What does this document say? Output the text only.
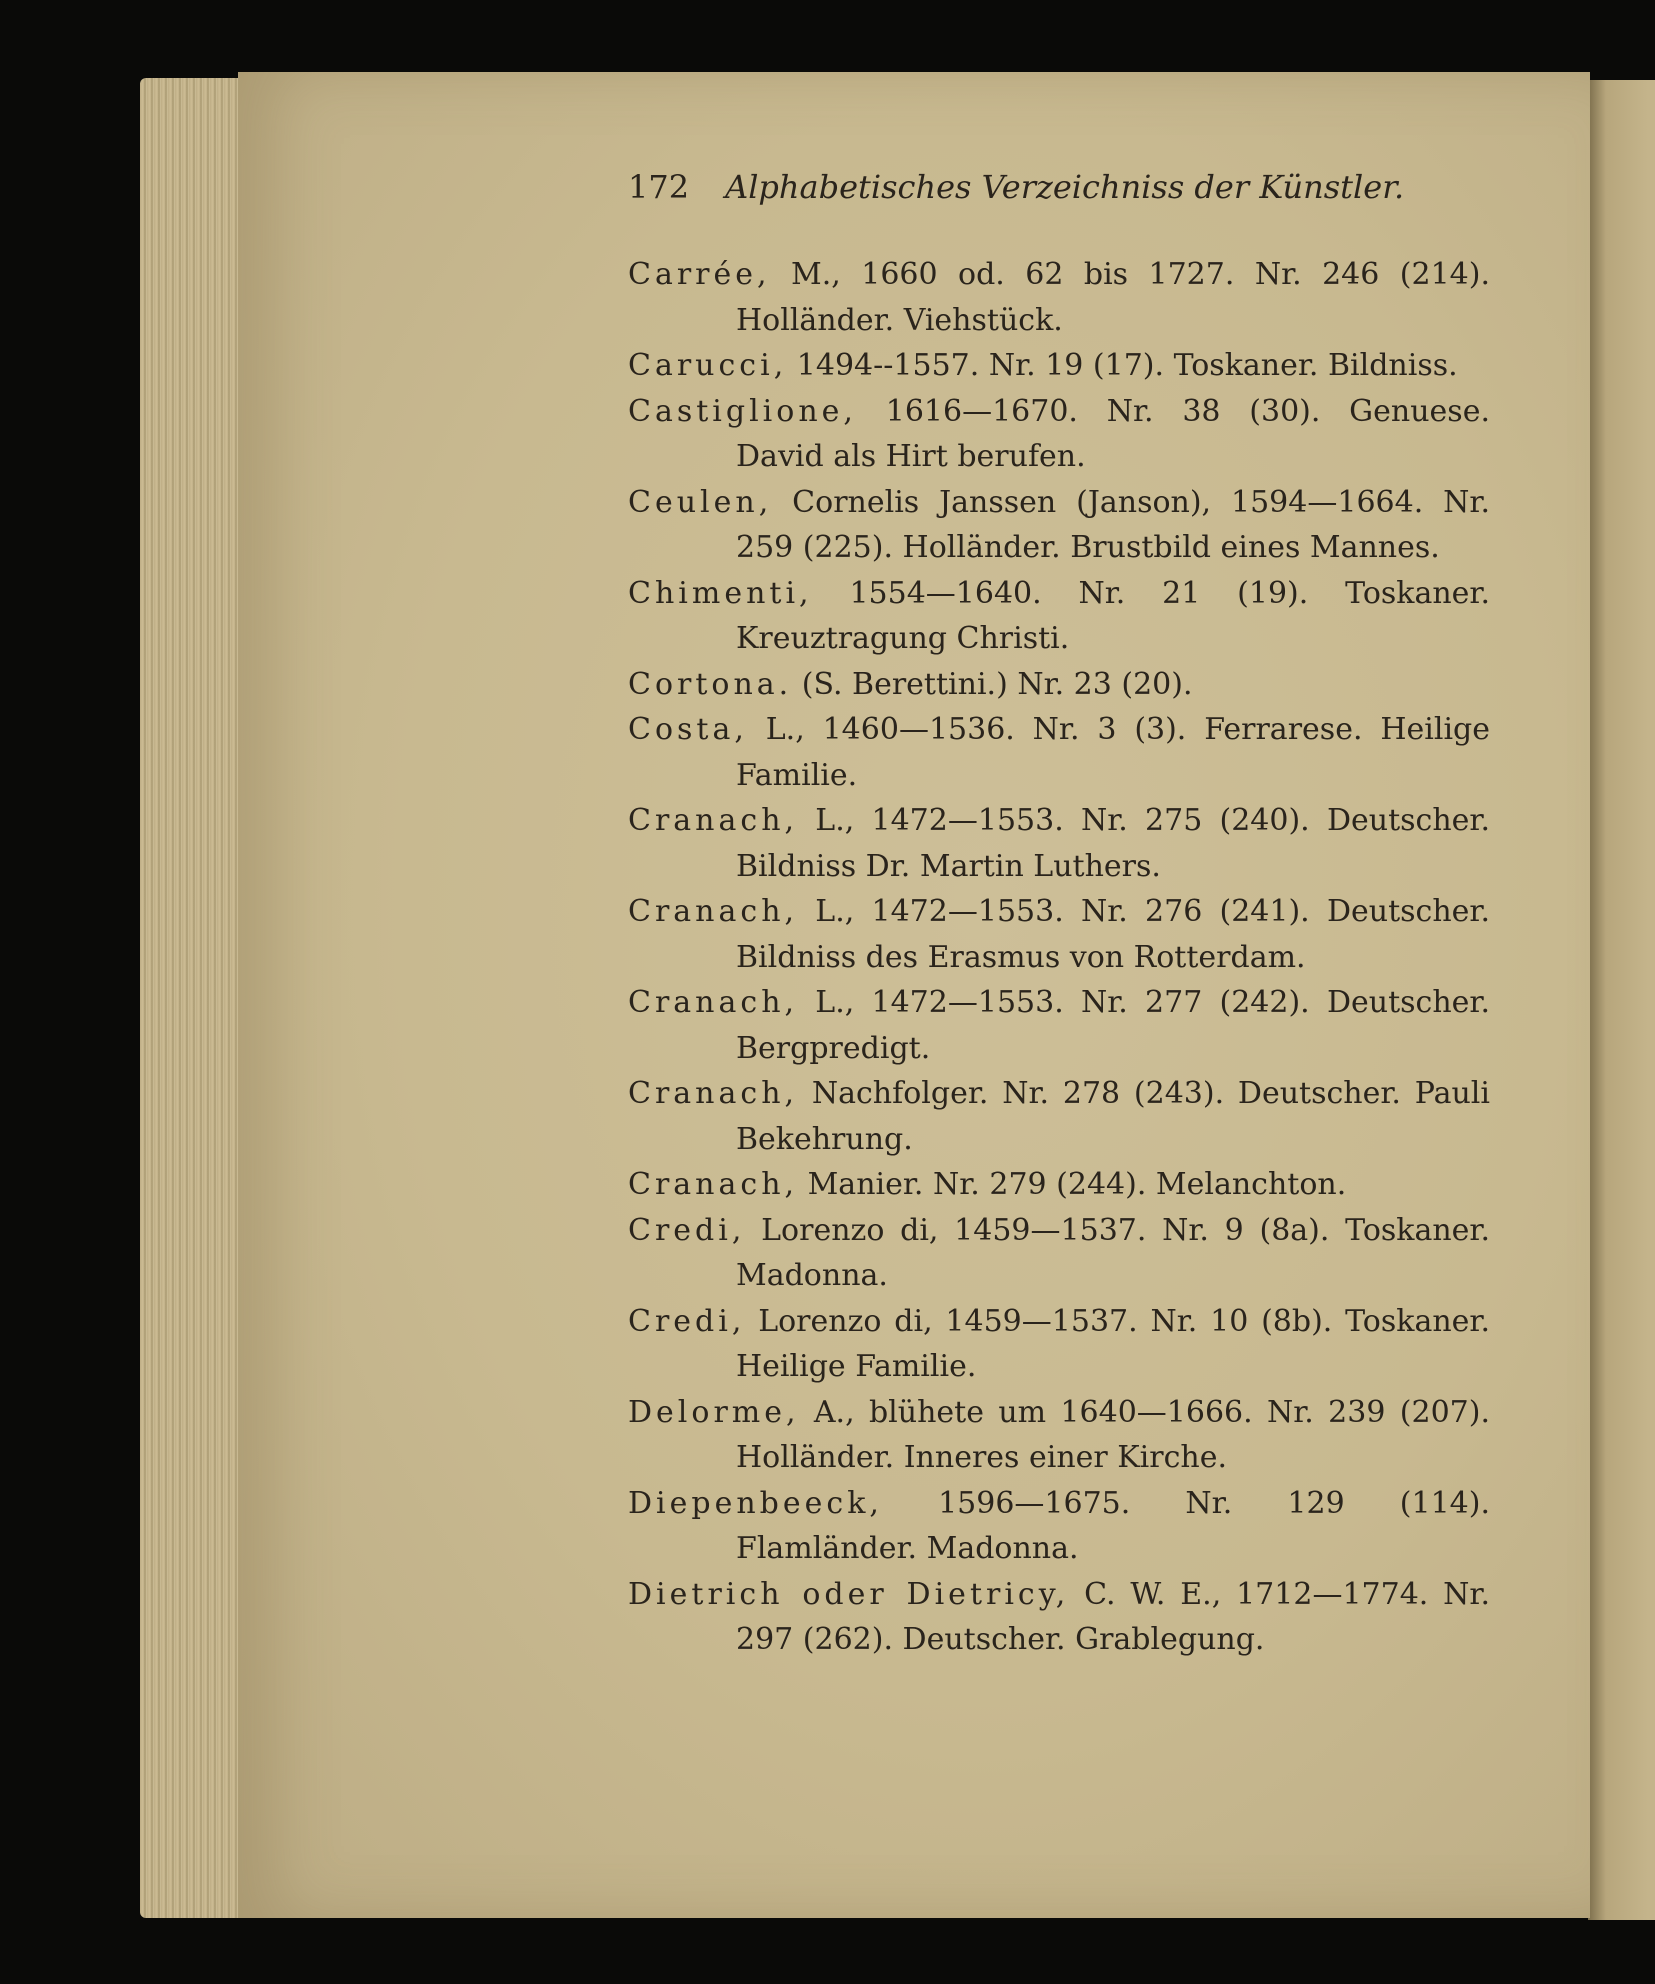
172 Alphabetisches Verzeichniss der Künstler.
Carrée, M., 1660 od. 62 bis 1727. Nr. 246 (214). Holländer. Viehstück.
Carucci, 1494--1557. Nr. 19 (17). Toskaner. Bildniss.
Castiglione, 1616—1670. Nr. 38 (30). Genuese. David als Hirt berufen.
Ceulen, Cornelis Janssen (Janson), 1594—1664. Nr. 259 (225). Holländer. Brustbild eines Mannes.
Chimenti, 1554—1640. Nr. 21 (19). Toskaner. Kreuztragung Christi.
Cortona. (S. Berettini.) Nr. 23 (20).
Costa, L., 1460—1536. Nr. 3 (3). Ferrarese. Heilige Familie.
Cranach, L., 1472—1553. Nr. 275 (240). Deutscher. Bildniss Dr. Martin Luthers.
Cranach, L., 1472—1553. Nr. 276 (241). Deutscher. Bildniss des Erasmus von Rotterdam.
Cranach, L., 1472—1553. Nr. 277 (242). Deutscher. Bergpredigt.
Cranach, Nachfolger. Nr. 278 (243). Deutscher. Pauli Bekehrung.
Cranach, Manier. Nr. 279 (244). Melanchton.
Credi, Lorenzo di, 1459—1537. Nr. 9 (8a). Toskaner. Madonna.
Credi, Lorenzo di, 1459—1537. Nr. 10 (8b). Toskaner. Heilige Familie.
Delorme, A., blühete um 1640—1666. Nr. 239 (207). Holländer. Inneres einer Kirche.
Diepenbeeck, 1596—1675. Nr. 129 (114). Flamländer. Madonna.
Dietrich oder Dietricy, C. W. E., 1712—1774. Nr. 297 (262). Deutscher. Grablegung.
